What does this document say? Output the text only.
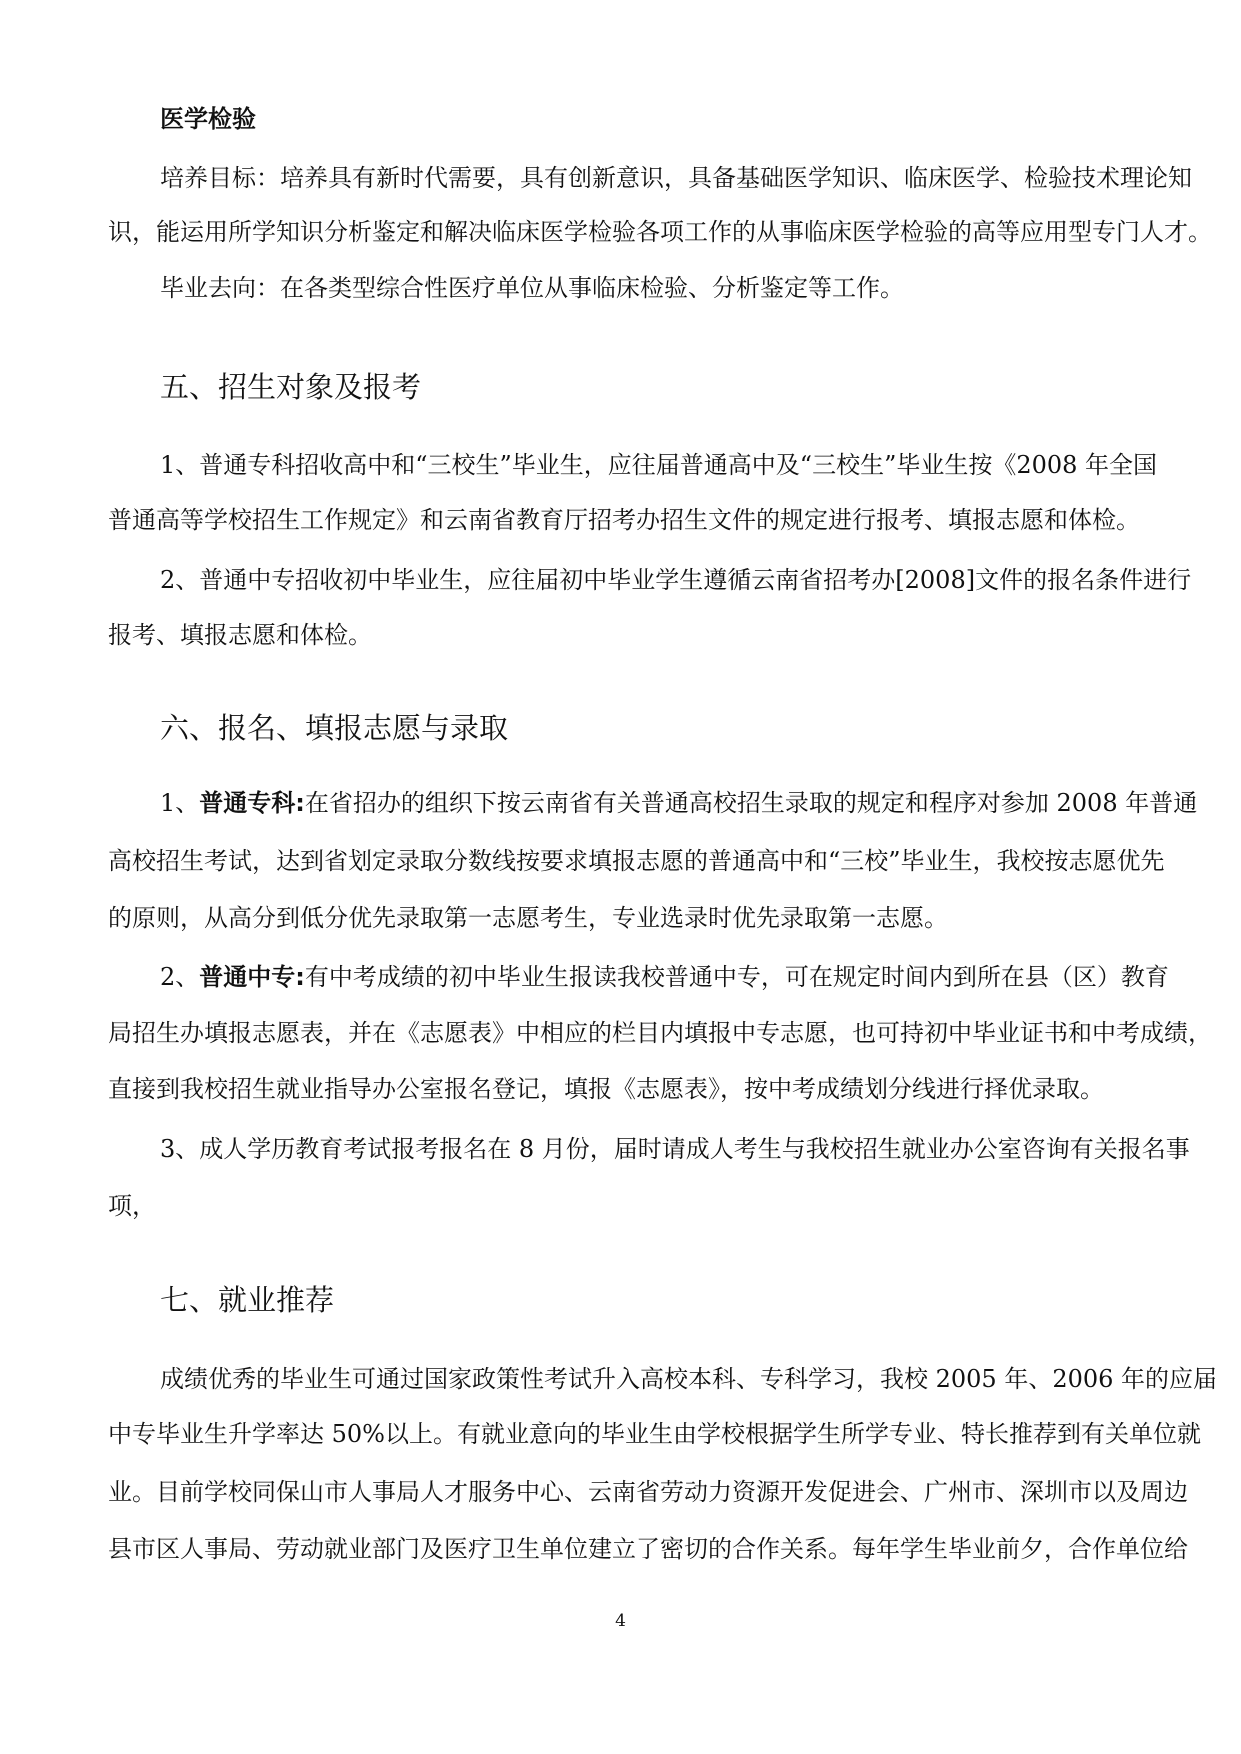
医学检验
培养目标：培养具有新时代需要，具有创新意识，具备基础医学知识、临床医学、检验技术理论知
识，能运用所学知识分析鉴定和解决临床医学检验各项工作的从事临床医学检验的高等应用型专门人才。
毕业去向：在各类型综合性医疗单位从事临床检验、分析鉴定等工作。
五、招生对象及报考
1、普通专科招收高中和“三校生”毕业生，应往届普通高中及“三校生”毕业生按《2008 年全国
普通高等学校招生工作规定》和云南省教育厅招考办招生文件的规定进行报考、填报志愿和体检。
2、普通中专招收初中毕业生，应往届初中毕业学生遵循云南省招考办[2008]文件的报名条件进行
报考、填报志愿和体检。
六、报名、填报志愿与录取
1、普通专科:在省招办的组织下按云南省有关普通高校招生录取的规定和程序对参加 2008 年普通
高校招生考试，达到省划定录取分数线按要求填报志愿的普通高中和“三校”毕业生，我校按志愿优先
的原则，从高分到低分优先录取第一志愿考生，专业选录时优先录取第一志愿。
2、普通中专:有中考成绩的初中毕业生报读我校普通中专，可在规定时间内到所在县（区）教育
局招生办填报志愿表，并在《志愿表》中相应的栏目内填报中专志愿，也可持初中毕业证书和中考成绩，
直接到我校招生就业指导办公室报名登记，填报《志愿表》，按中考成绩划分线进行择优录取。
3、成人学历教育考试报考报名在 8 月份，届时请成人考生与我校招生就业办公室咨询有关报名事
项，
七、就业推荐
成绩优秀的毕业生可通过国家政策性考试升入高校本科、专科学习，我校 2005 年、2006 年的应届
中专毕业生升学率达 50%以上。有就业意向的毕业生由学校根据学生所学专业、特长推荐到有关单位就
业。目前学校同保山市人事局人才服务中心、云南省劳动力资源开发促进会、广州市、深圳市以及周边
县市区人事局、劳动就业部门及医疗卫生单位建立了密切的合作关系。每年学生毕业前夕，合作单位给
4
